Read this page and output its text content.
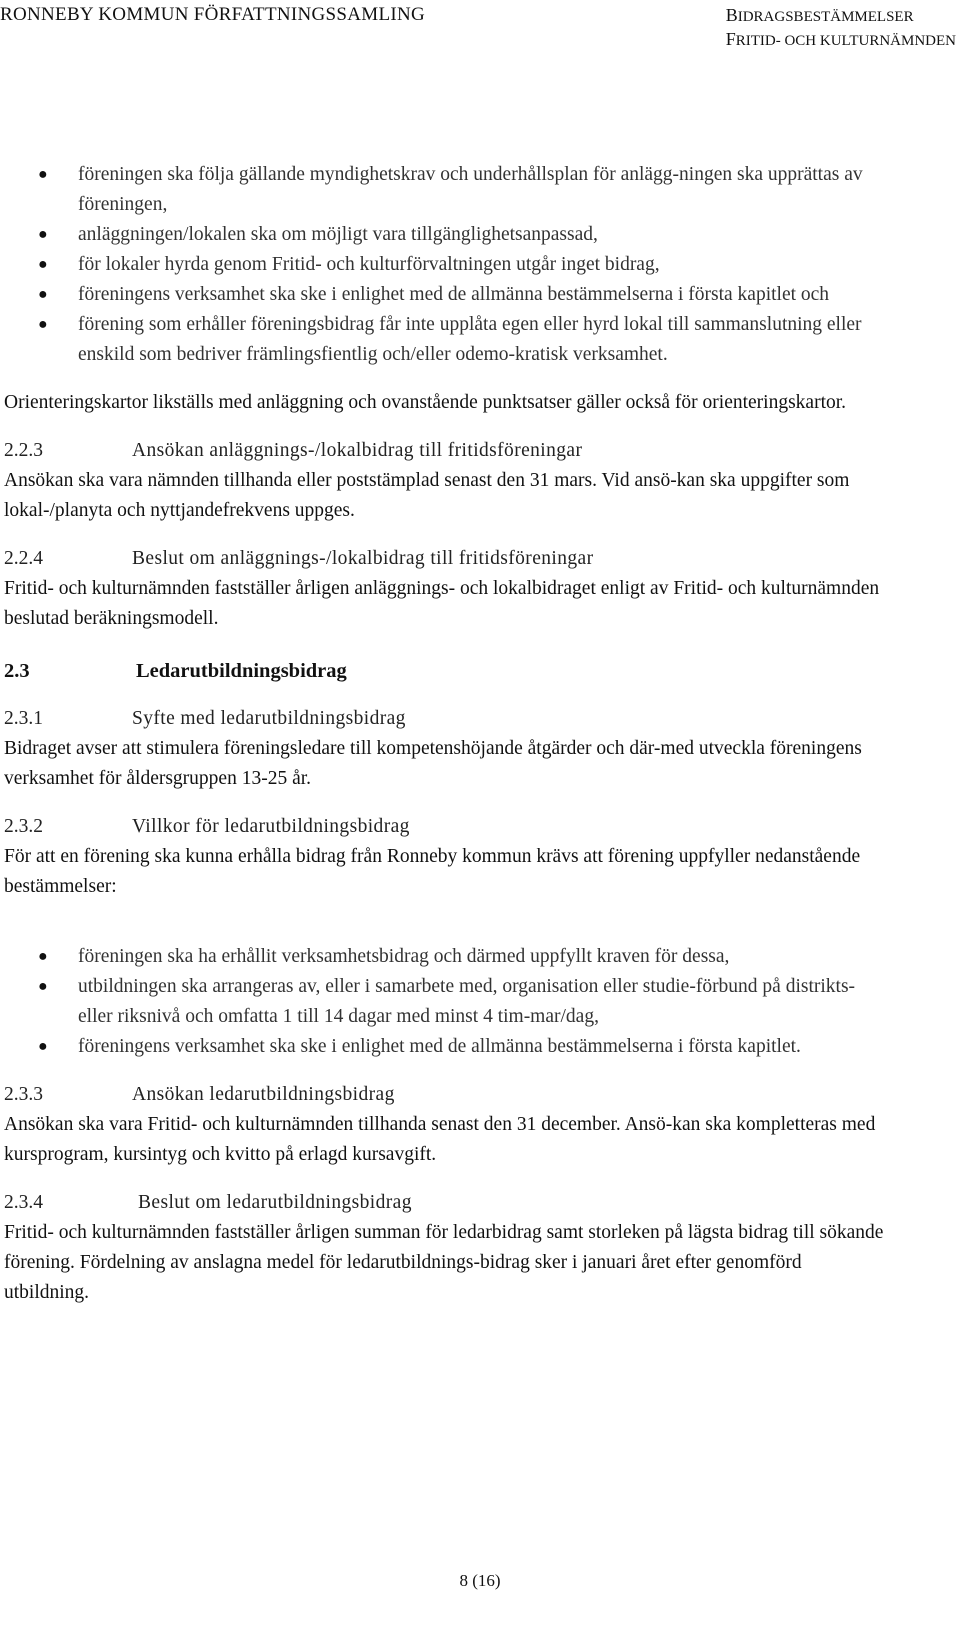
RONNEBY KOMMUN FÖRFATTNINGSSAMLING	BIDRAGSBESTÄMMELSER
FRITID- OCH KULTURNÄMNDEN
● föreningen ska följa gällande myndighetskrav och underhållsplan för anlägg-ningen ska upprättas av föreningen,
● anläggningen/lokalen ska om möjligt vara tillgänglighetsanpassad,
● för lokaler hyrda genom Fritid- och kulturförvaltningen utgår inget bidrag,
● föreningens verksamhet ska ske i enlighet med de allmänna bestämmelserna i första kapitlet och
● förening som erhåller föreningsbidrag får inte upplåta egen eller hyrd lokal till sammanslutning eller enskild som bedriver främlingsfientlig och/eller odemo-kratisk verksamhet.

Orienteringskartor likställs med anläggning och ovanstående punktsatser gäller också för orienteringskartor.

2.2.3	Ansökan anläggnings-/lokalbidrag till fritidsföreningar

Ansökan ska vara nämnden tillhanda eller poststämplad senast den 31 mars. Vid ansö-kan ska uppgifter som lokal-/planyta och nyttjandefrekvens uppges.

2.2.4	Beslut om anläggnings-/lokalbidrag till fritidsföreningar

Fritid- och kulturnämnden fastställer årligen anläggnings- och lokalbidraget enligt av Fritid- och kulturnämnden beslutad beräkningsmodell.

2.3	Ledarutbildningsbidrag

2.3.1	Syfte med ledarutbildningsbidrag

Bidraget avser att stimulera föreningsledare till kompetenshöjande åtgärder och där-med utveckla föreningens verksamhet för åldersgruppen 13-25 år.

2.3.2	Villkor för ledarutbildningsbidrag

För att en förening ska kunna erhålla bidrag från Ronneby kommun krävs att förening uppfyller nedanstående bestämmelser:

● föreningen ska ha erhållit verksamhetsbidrag och därmed uppfyllt kraven för dessa,
● utbildningen ska arrangeras av, eller i samarbete med, organisation eller studie-förbund på distrikts- eller riksnivå och omfatta 1 till 14 dagar med minst 4 tim-mar/dag,
● föreningens verksamhet ska ske i enlighet med de allmänna bestämmelserna i första kapitlet.

2.3.3	Ansökan ledarutbildningsbidrag

Ansökan ska vara Fritid- och kulturnämnden tillhanda senast den 31 december. Ansö-kan ska kompletteras med kursprogram, kursintyg och kvitto på erlagd kursavgift.

2.3.4	Beslut om ledarutbildningsbidrag

Fritid- och kulturnämnden fastställer årligen summan för ledarbidrag samt storleken på lägsta bidrag till sökande förening. Fördelning av anslagna medel för ledarutbildnings-bidrag sker i januari året efter genomförd utbildning.

8 (16)
